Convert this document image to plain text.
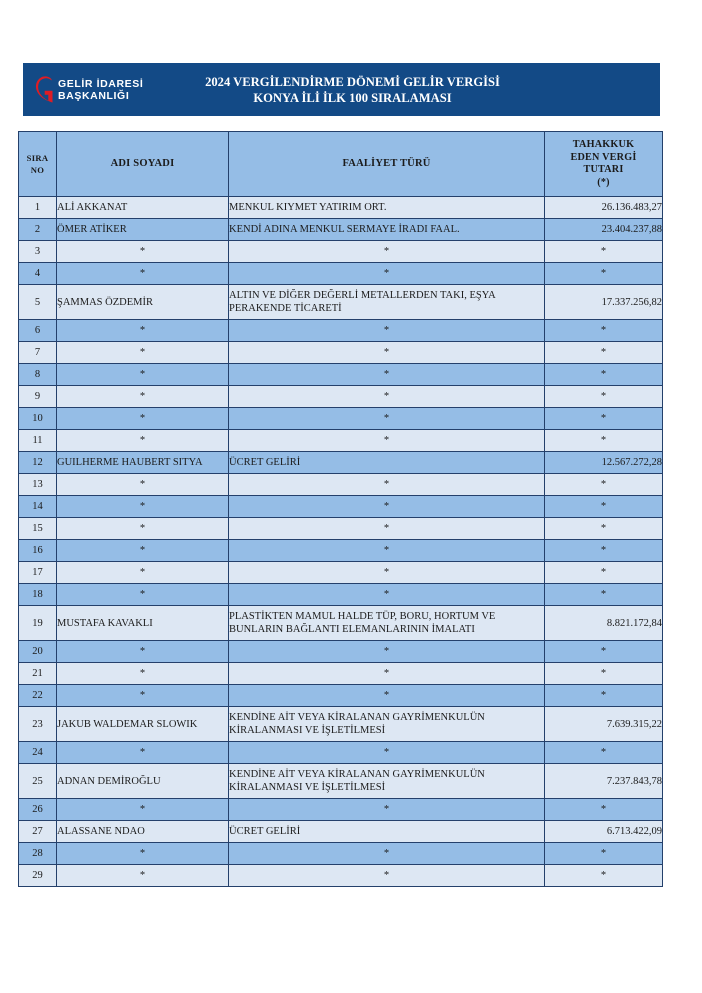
GELİR İDARESİ
BAŞKANLIĞI
2024 VERGİLENDİRME DÖNEMİ GELİR VERGİSİ
KONYA İLİ İLK 100 SIRALAMASI
SIRA
NO	ADI SOYADI	FAALİYET TÜRÜ	TAHAKKUK
EDEN VERGİ
TUTARI
(*)
1	ALİ AKKANAT	MENKUL KIYMET YATIRIM ORT.	26.136.483,27
2	ÖMER ATİKER	KENDİ ADINA MENKUL SERMAYE İRADI FAAL.	23.404.237,88
3	*	*	*
4	*	*	*
5	ŞAMMAS ÖZDEMİR	ALTIN VE DİĞER DEĞERLİ METALLERDEN TAKI, EŞYA PERAKENDE TİCARETİ	17.337.256,82
6	*	*	*
7	*	*	*
8	*	*	*
9	*	*	*
10	*	*	*
11	*	*	*
12	GUILHERME HAUBERT SITYA	ÜCRET GELİRİ	12.567.272,28
13	*	*	*
14	*	*	*
15	*	*	*
16	*	*	*
17	*	*	*
18	*	*	*
19	MUSTAFA KAVAKLI	PLASTİKTEN MAMUL HALDE TÜP, BORU, HORTUM VE BUNLARIN BAĞLANTI ELEMANLARININ İMALATI	8.821.172,84
20	*	*	*
21	*	*	*
22	*	*	*
23	JAKUB WALDEMAR SLOWIK	KENDİNE AİT VEYA KİRALANAN GAYRİMENKULÜN KİRALANMASI VE İŞLETİLMESİ	7.639.315,22
24	*	*	*
25	ADNAN DEMİROĞLU	KENDİNE AİT VEYA KİRALANAN GAYRİMENKULÜN KİRALANMASI VE İŞLETİLMESİ	7.237.843,78
26	*	*	*
27	ALASSANE NDAO	ÜCRET GELİRİ	6.713.422,09
28	*	*	*
29	*	*	*
